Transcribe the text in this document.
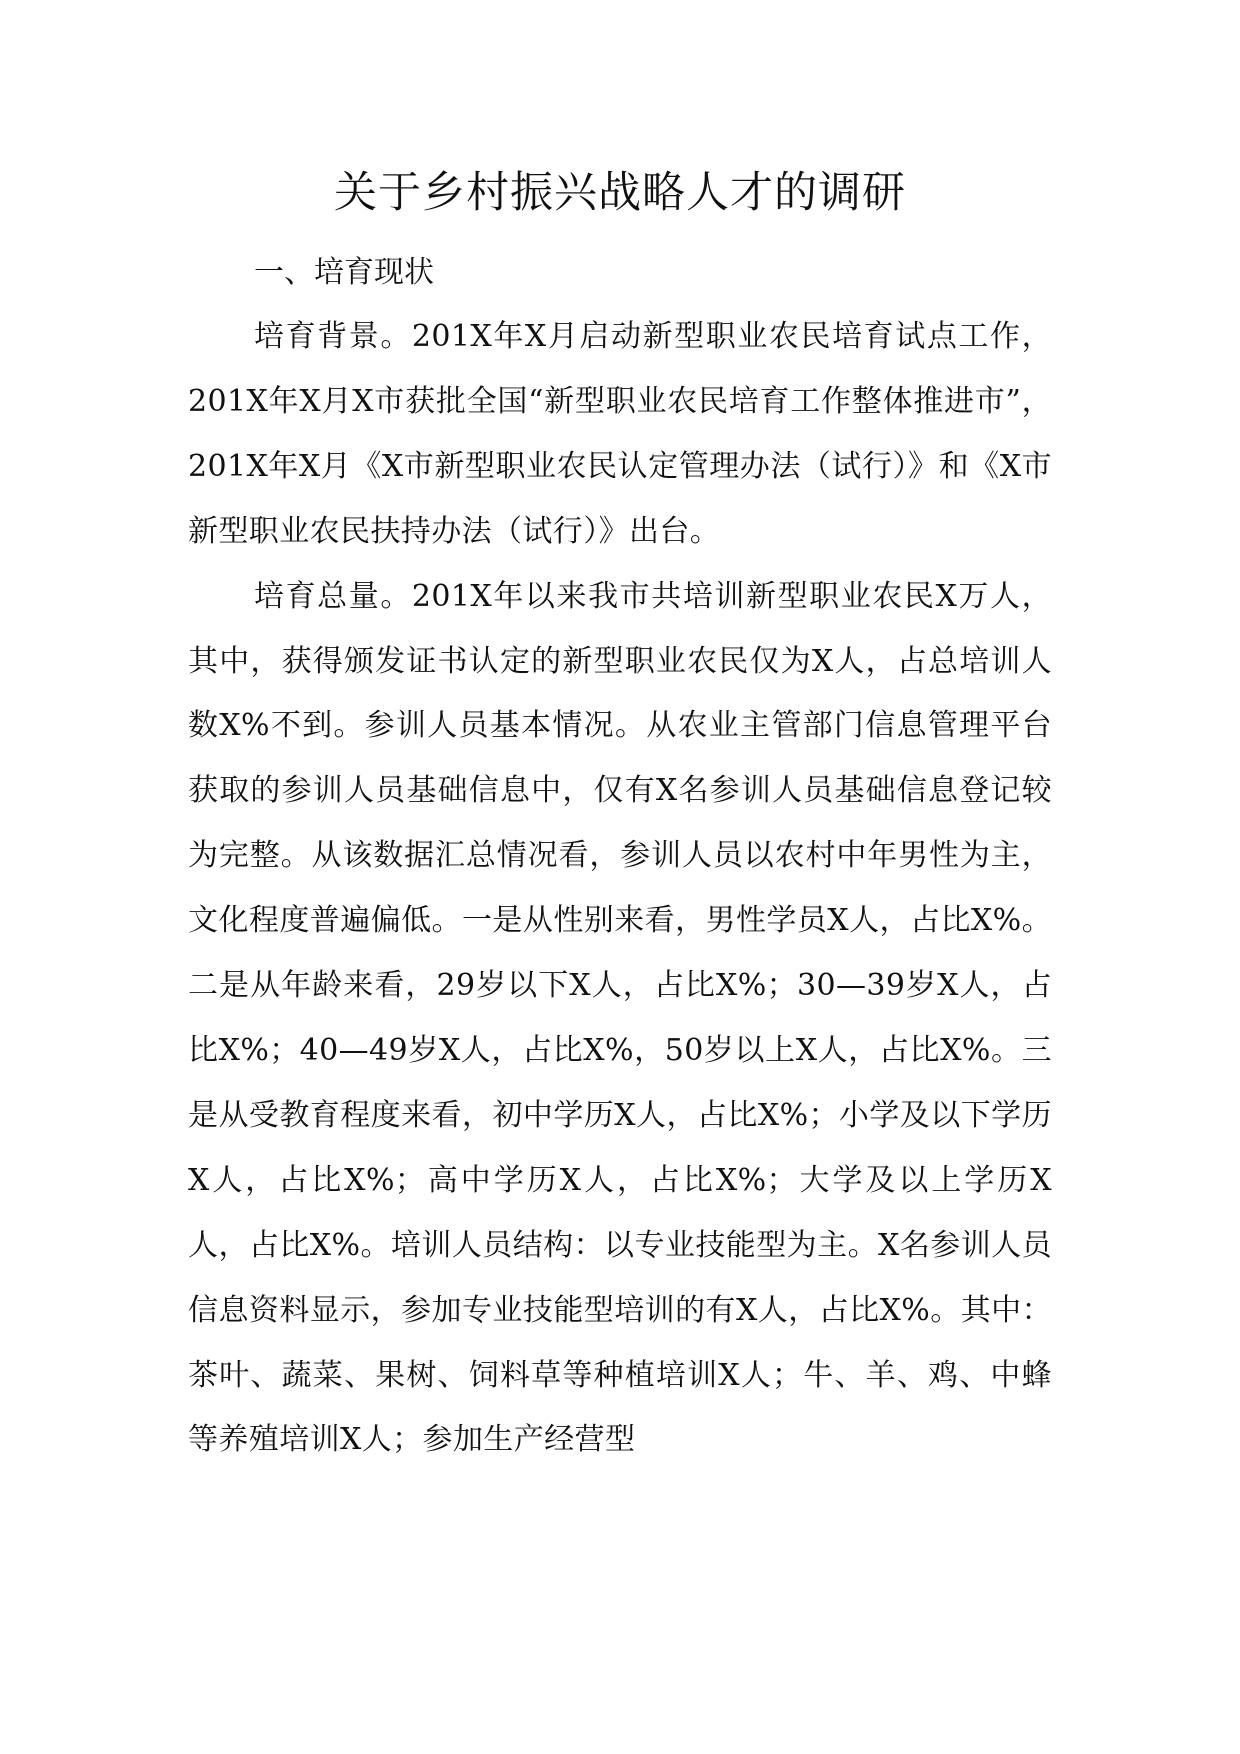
关于乡村振兴战略人才的调研
一、培育现状

培育背景。201X年X月启动新型职业农民培育试点工作，201X年X月X市获批全国“新型职业农民培育工作整体推进市”，201X年X月《X市新型职业农民认定管理办法（试行）》和《X市新型职业农民扶持办法（试行）》出台。

培育总量。201X年以来我市共培训新型职业农民X万人，其中，获得颁发证书认定的新型职业农民仅为X人，占总培训人数X%不到。参训人员基本情况。从农业主管部门信息管理平台获取的参训人员基础信息中，仅有X名参训人员基础信息登记较为完整。从该数据汇总情况看，参训人员以农村中年男性为主，文化程度普遍偏低。一是从性别来看，男性学员X人，占比X%。二是从年龄来看，29岁以下X人，占比X%；30—39岁X人，占比X%；40—49岁X人，占比X%，50岁以上X人，占比X%。三是从受教育程度来看，初中学历X人，占比X%；小学及以下学历X人，占比X%；高中学历X人，占比X%；大学及以上学历X人，占比X%。培训人员结构：以专业技能型为主。X名参训人员信息资料显示，参加专业技能型培训的有X人，占比X%。其中：茶叶、蔬菜、果树、饲料草等种植培训X人；牛、羊、鸡、中蜂等养殖培训X人；参加生产经营型
